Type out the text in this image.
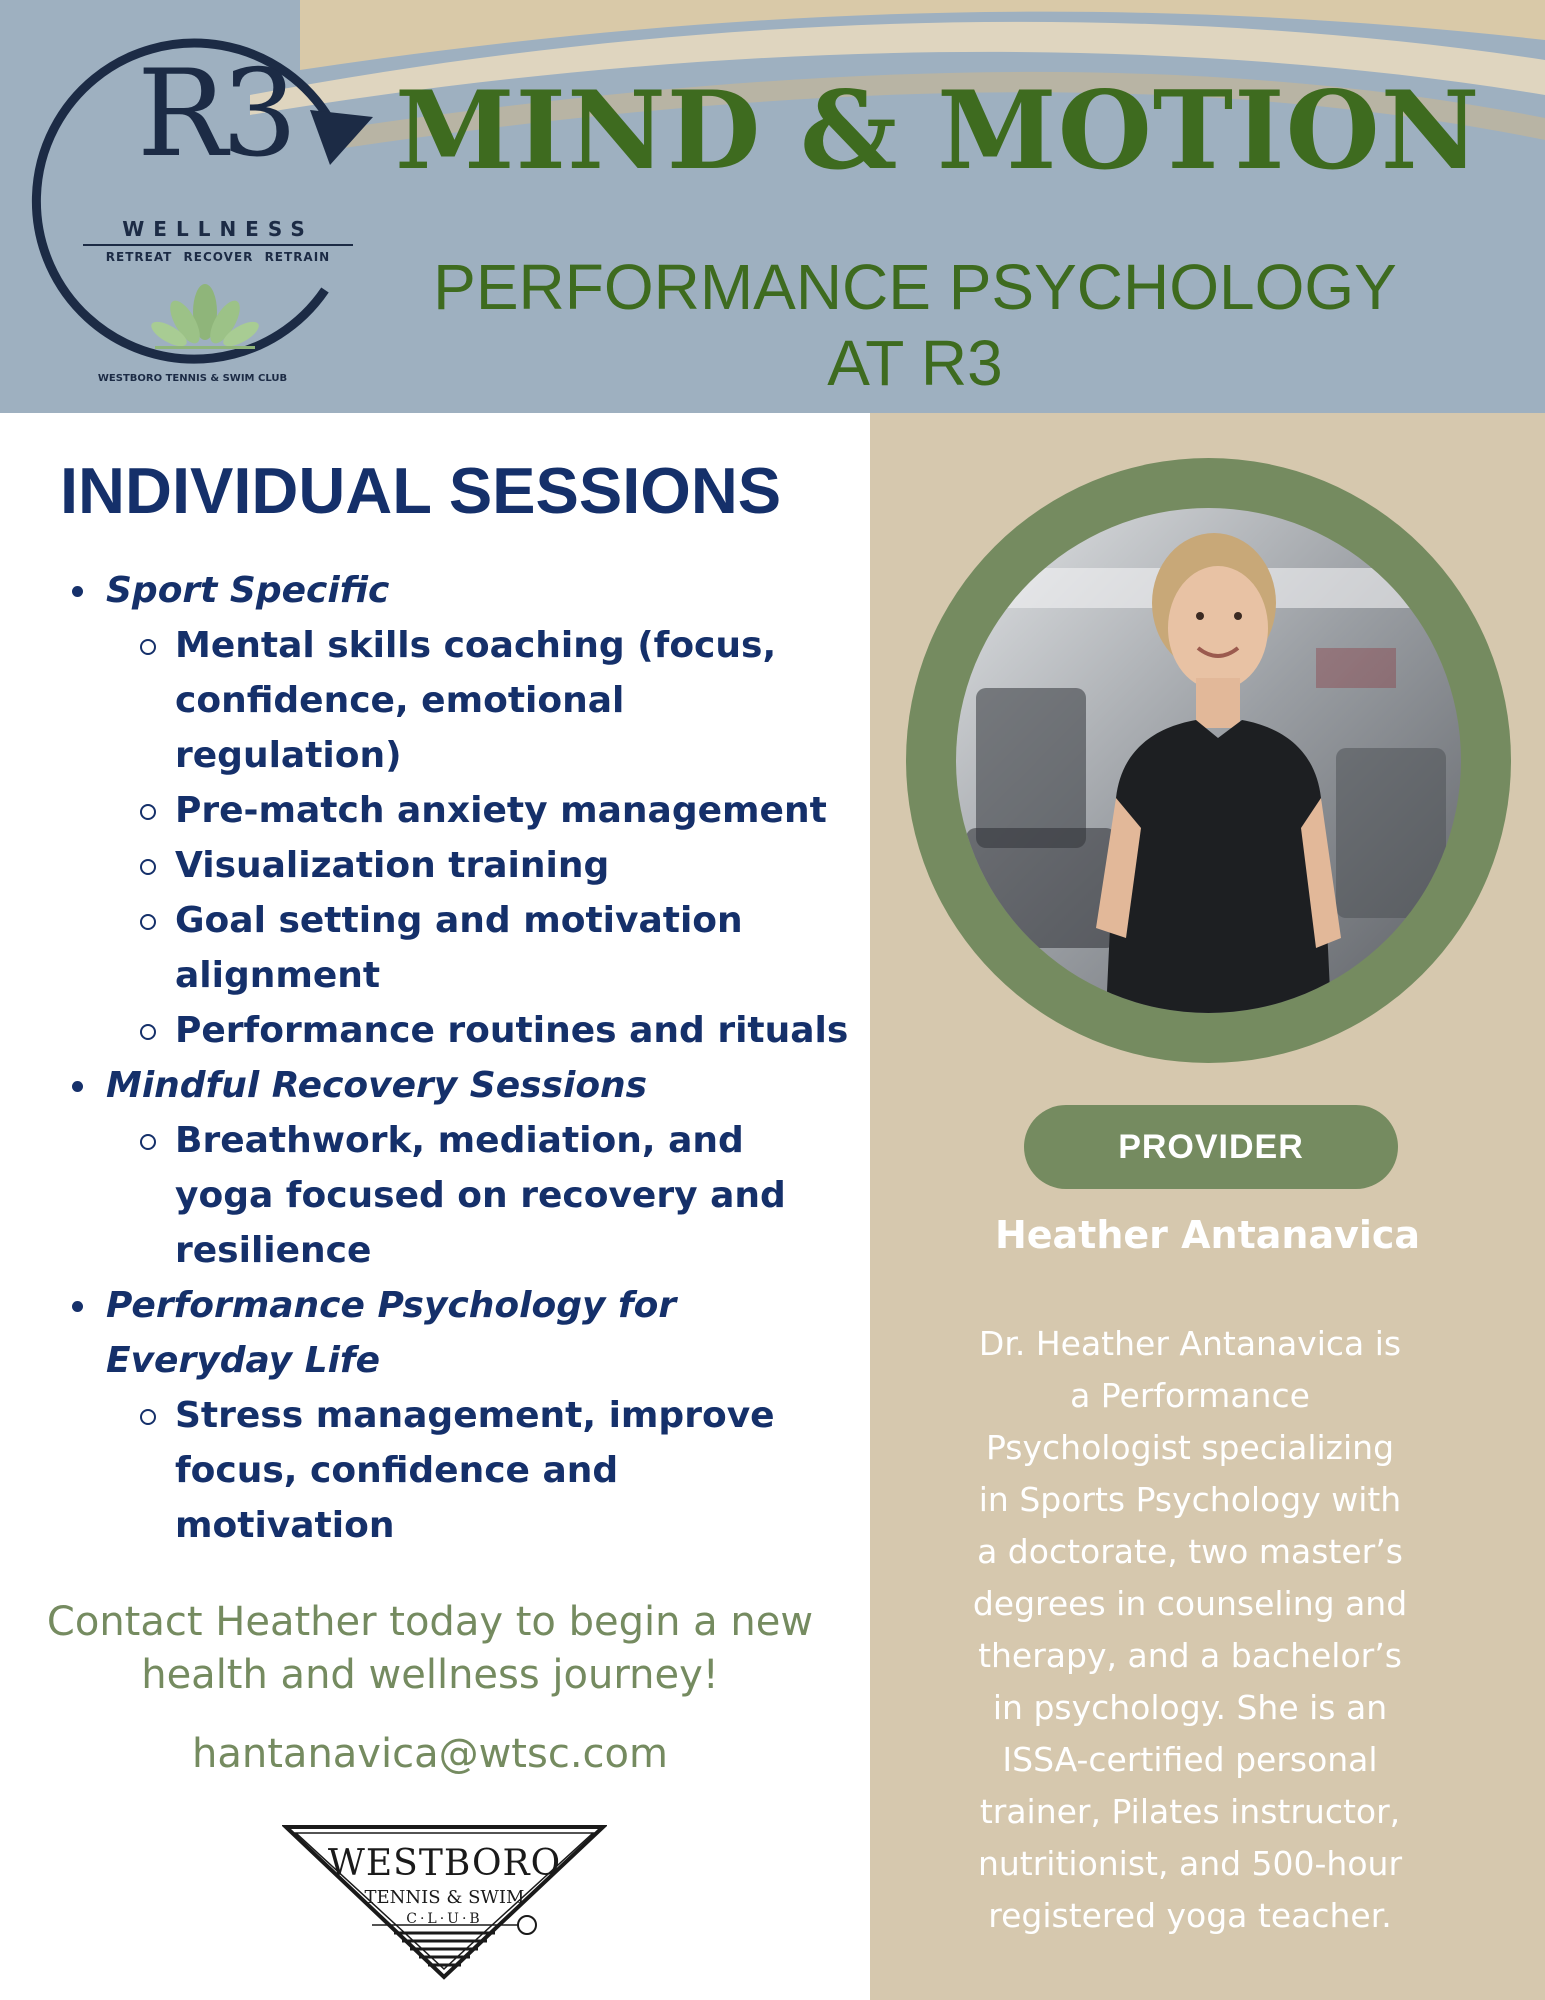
R3
WELLNESS
RETREAT RECOVER RETRAIN
WESTBORO TENNIS & SWIM CLUB
MIND & MOTION
PERFORMANCE PSYCHOLOGY
AT R3
INDIVIDUAL SESSIONS
Sport Specific
Mental skills coaching (focus, confidence, emotional regulation)
Pre-match anxiety management
Visualization training
Goal setting and motivation alignment
Performance routines and rituals
Mindful Recovery Sessions
Breathwork, mediation, and yoga focused on recovery and resilience
Performance Psychology for Everyday Life
Stress management, improve focus, confidence and motivation
Contact Heather today to begin a new health and wellness journey!
hantanavica@wtsc.com
WESTBORO
TENNIS & SWIM
C·L·U·B
PROVIDER
Heather Antanavica
Dr. Heather Antanavica is a Performance Psychologist specializing in Sports Psychology with a doctorate, two master’s degrees in counseling and therapy, and a bachelor’s in psychology. She is an ISSA-certified personal trainer, Pilates instructor, nutritionist, and 500-hour registered yoga teacher.
